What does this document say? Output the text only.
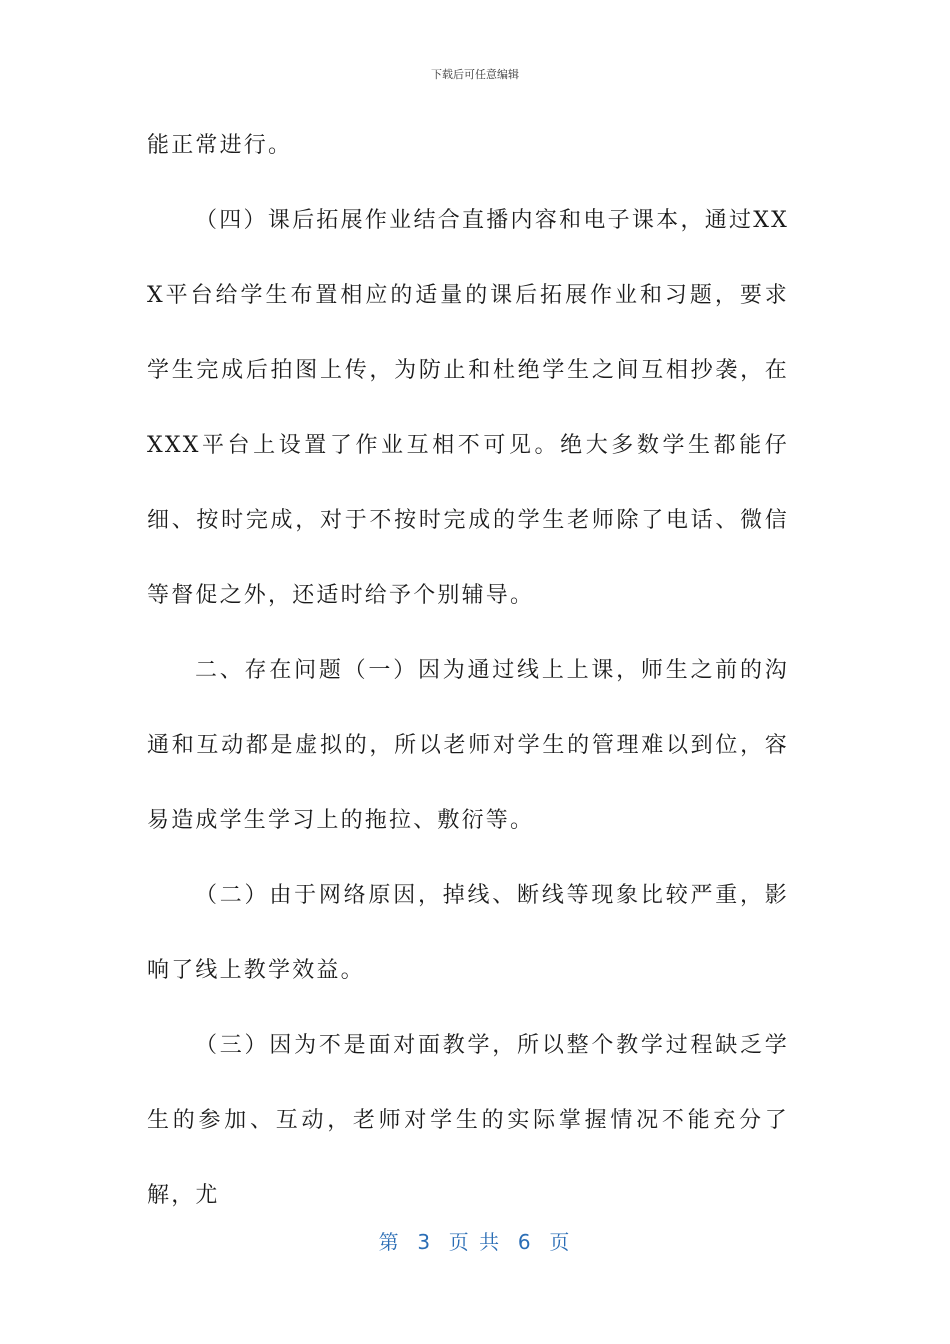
下载后可任意编辑

能正常进行。

（四）课后拓展作业结合直播内容和电子课本，通过XXX平台给学生布置相应的适量的课后拓展作业和习题，要求学生完成后拍图上传，为防止和杜绝学生之间互相抄袭，在XXX平台上设置了作业互相不可见。绝大多数学生都能仔细、按时完成，对于不按时完成的学生老师除了电话、微信等督促之外，还适时给予个别辅导。

二、存在问题（一）因为通过线上上课，师生之前的沟通和互动都是虚拟的，所以老师对学生的管理难以到位，容易造成学生学习上的拖拉、敷衍等。

（二）由于网络原因，掉线、断线等现象比较严重，影响了线上教学效益。

（三）因为不是面对面教学，所以整个教学过程缺乏学生的参加、互动，老师对学生的实际掌握情况不能充分了解，尤

第  3  页 共  6  页
